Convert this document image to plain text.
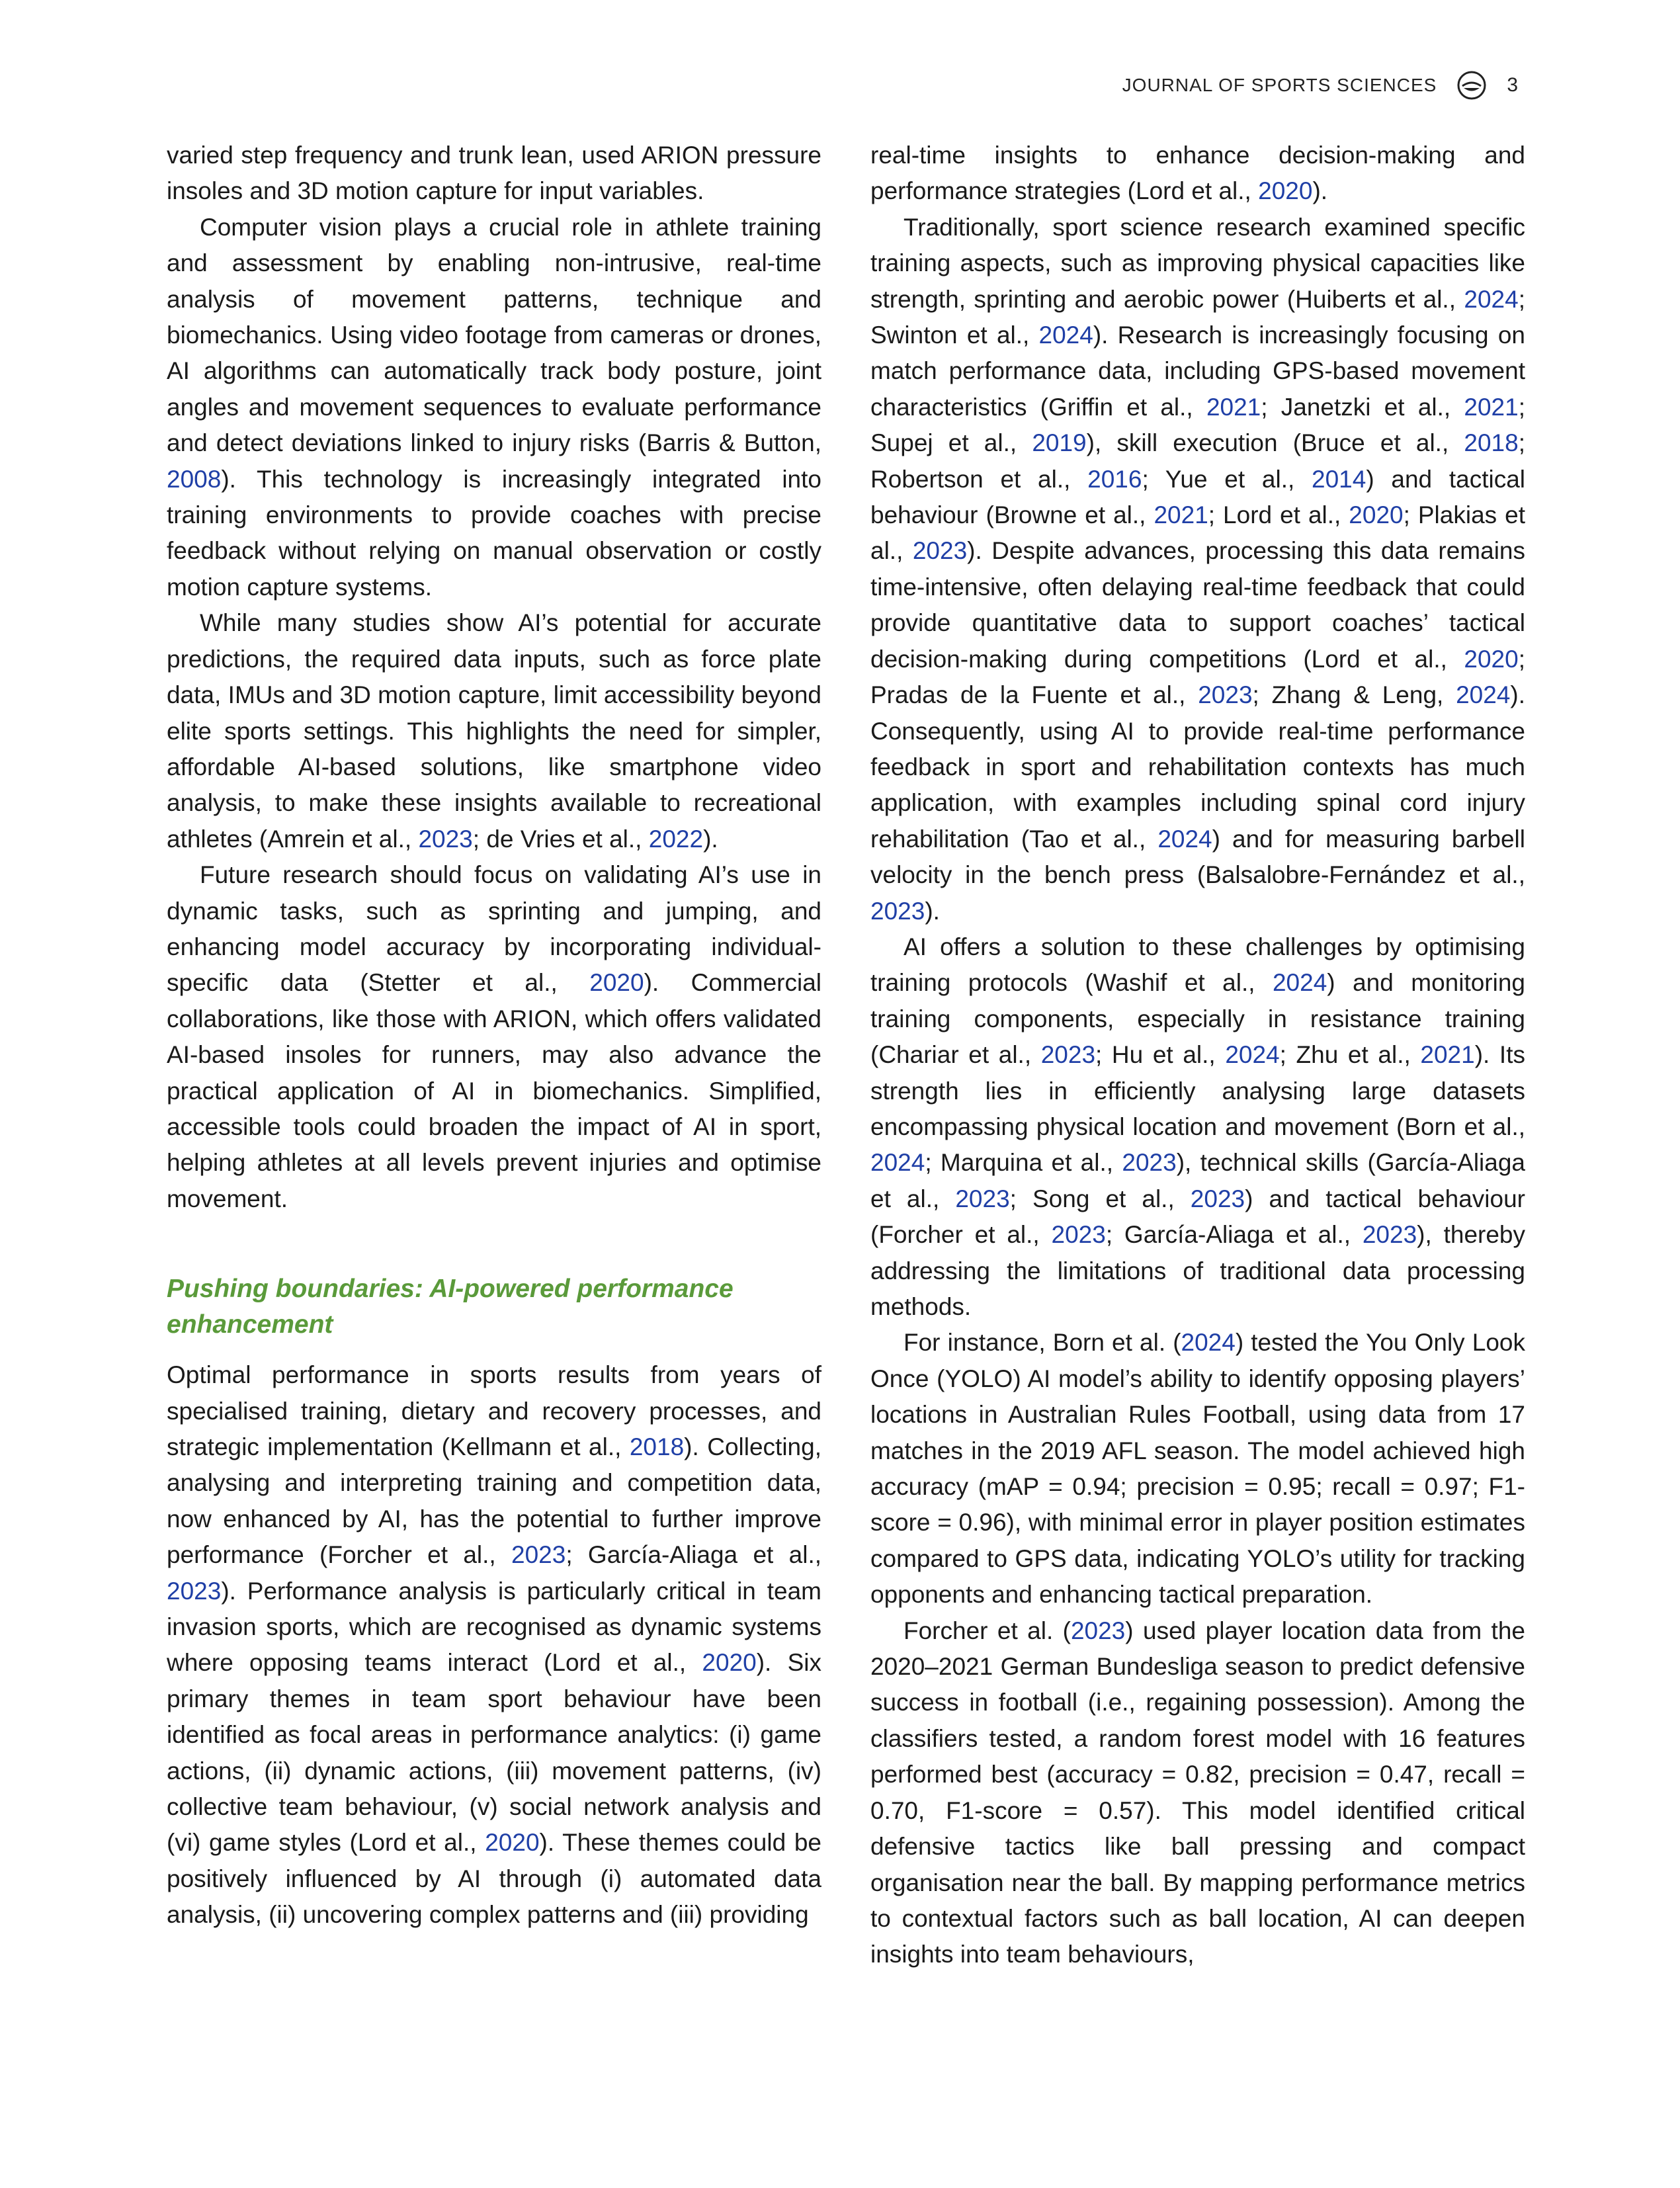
JOURNAL OF SPORTS SCIENCES	3

varied step frequency and trunk lean, used ARION pressure insoles and 3D motion capture for input variables.

Computer vision plays a crucial role in athlete training and assessment by enabling non-intrusive, real-time analysis of movement patterns, technique and biomechanics. Using video footage from cameras or drones, AI algorithms can automatically track body posture, joint angles and movement sequences to evaluate performance and detect deviations linked to injury risks (Barris & Button, 2008). This technology is increasingly integrated into training environments to provide coaches with precise feedback without relying on manual observation or costly motion capture systems.

While many studies show AI’s potential for accurate predictions, the required data inputs, such as force plate data, IMUs and 3D motion capture, limit accessibility beyond elite sports settings. This highlights the need for simpler, affordable AI-based solutions, like smartphone video analysis, to make these insights available to recreational athletes (Amrein et al., 2023; de Vries et al., 2022).

Future research should focus on validating AI’s use in dynamic tasks, such as sprinting and jumping, and enhancing model accuracy by incorporating individual-specific data (Stetter et al., 2020). Commercial collaborations, like those with ARION, which offers validated AI-based insoles for runners, may also advance the practical application of AI in biomechanics. Simplified, accessible tools could broaden the impact of AI in sport, helping athletes at all levels prevent injuries and optimise movement.

Pushing boundaries: AI-powered performance enhancement

Optimal performance in sports results from years of specialised training, dietary and recovery processes, and strategic implementation (Kellmann et al., 2018). Collecting, analysing and interpreting training and competition data, now enhanced by AI, has the potential to further improve performance (Forcher et al., 2023; García-Aliaga et al., 2023). Performance analysis is particularly critical in team invasion sports, which are recognised as dynamic systems where opposing teams interact (Lord et al., 2020). Six primary themes in team sport behaviour have been identified as focal areas in performance analytics: (i) game actions, (ii) dynamic actions, (iii) movement patterns, (iv) collective team behaviour, (v) social network analysis and (vi) game styles (Lord et al., 2020). These themes could be positively influenced by AI through (i) automated data analysis, (ii) uncovering complex patterns and (iii) providing

real-time insights to enhance decision-making and performance strategies (Lord et al., 2020).

Traditionally, sport science research examined specific training aspects, such as improving physical capacities like strength, sprinting and aerobic power (Huiberts et al., 2024; Swinton et al., 2024). Research is increasingly focusing on match performance data, including GPS-based movement characteristics (Griffin et al., 2021; Janetzki et al., 2021; Supej et al., 2019), skill execution (Bruce et al., 2018; Robertson et al., 2016; Yue et al., 2014) and tactical behaviour (Browne et al., 2021; Lord et al., 2020; Plakias et al., 2023). Despite advances, processing this data remains time-intensive, often delaying real-time feedback that could provide quantitative data to support coaches’ tactical decision-making during competitions (Lord et al., 2020; Pradas de la Fuente et al., 2023; Zhang & Leng, 2024). Consequently, using AI to provide real-time performance feedback in sport and rehabilitation contexts has much application, with examples including spinal cord injury rehabilitation (Tao et al., 2024) and for measuring barbell velocity in the bench press (Balsalobre-Fernández et al., 2023).

AI offers a solution to these challenges by optimising training protocols (Washif et al., 2024) and monitoring training components, especially in resistance training (Chariar et al., 2023; Hu et al., 2024; Zhu et al., 2021). Its strength lies in efficiently analysing large datasets encompassing physical location and movement (Born et al., 2024; Marquina et al., 2023), technical skills (García-Aliaga et al., 2023; Song et al., 2023) and tactical behaviour (Forcher et al., 2023; García-Aliaga et al., 2023), thereby addressing the limitations of traditional data processing methods.

For instance, Born et al. (2024) tested the You Only Look Once (YOLO) AI model’s ability to identify opposing players’ locations in Australian Rules Football, using data from 17 matches in the 2019 AFL season. The model achieved high accuracy (mAP = 0.94; precision = 0.95; recall = 0.97; F1-score = 0.96), with minimal error in player position estimates compared to GPS data, indicating YOLO’s utility for tracking opponents and enhancing tactical preparation.

Forcher et al. (2023) used player location data from the 2020–2021 German Bundesliga season to predict defensive success in football (i.e., regaining possession). Among the classifiers tested, a random forest model with 16 features performed best (accuracy = 0.82, precision = 0.47, recall = 0.70, F1-score = 0.57). This model identified critical defensive tactics like ball pressing and compact organisation near the ball. By mapping performance metrics to contextual factors such as ball location, AI can deepen insights into team behaviours,
